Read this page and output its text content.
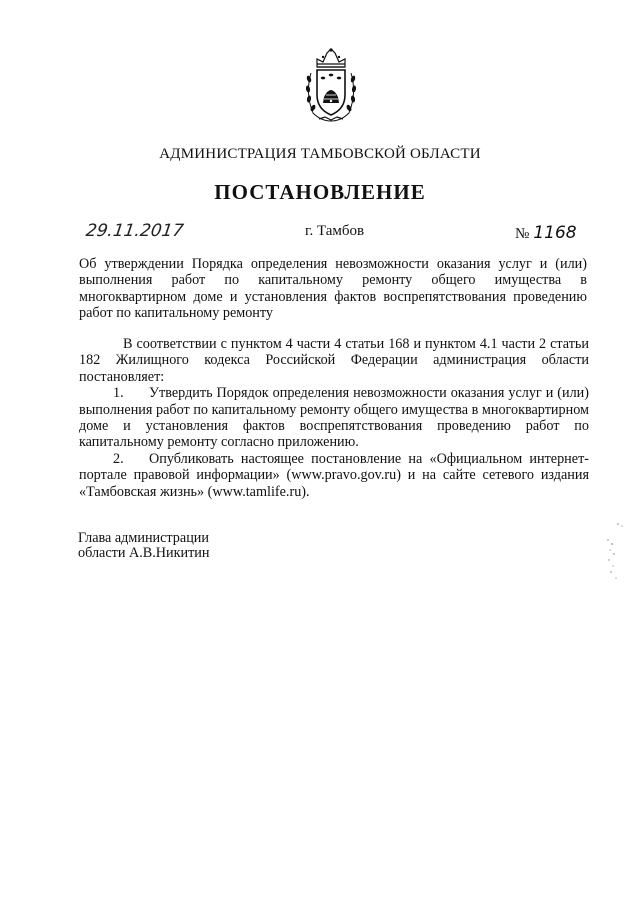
АДМИНИСТРАЦИЯ ТАМБОВСКОЙ ОБЛАСТИ
ПОСТАНОВЛЕНИЕ
29.11.2017	г. Тамбов	№ 1168
Об утверждении Порядка определения невозможности оказания услуг и (или) выполнения работ по капитальному ремонту общего имущества в многоквартирном доме и установления фактов воспрепятствования проведению работ по капитальному ремонту

В соответствии с пунктом 4 части 4 статьи 168 и пунктом 4.1 части 2 статьи 182 Жилищного кодекса Российской Федерации администрация области постановляет:

1. Утвердить Порядок определения невозможности оказания услуг и (или) выполнения работ по капитальному ремонту общего имущества в многоквартирном доме и установления фактов воспрепятствования проведению работ по капитальному ремонту согласно приложению.

2. Опубликовать настоящее постановление на «Официальном интернет-портале правовой информации» (www.pravo.gov.ru) и на сайте сетевого издания «Тамбовская жизнь» (www.tamlife.ru).

Глава администрации
области А.В.Никитин
